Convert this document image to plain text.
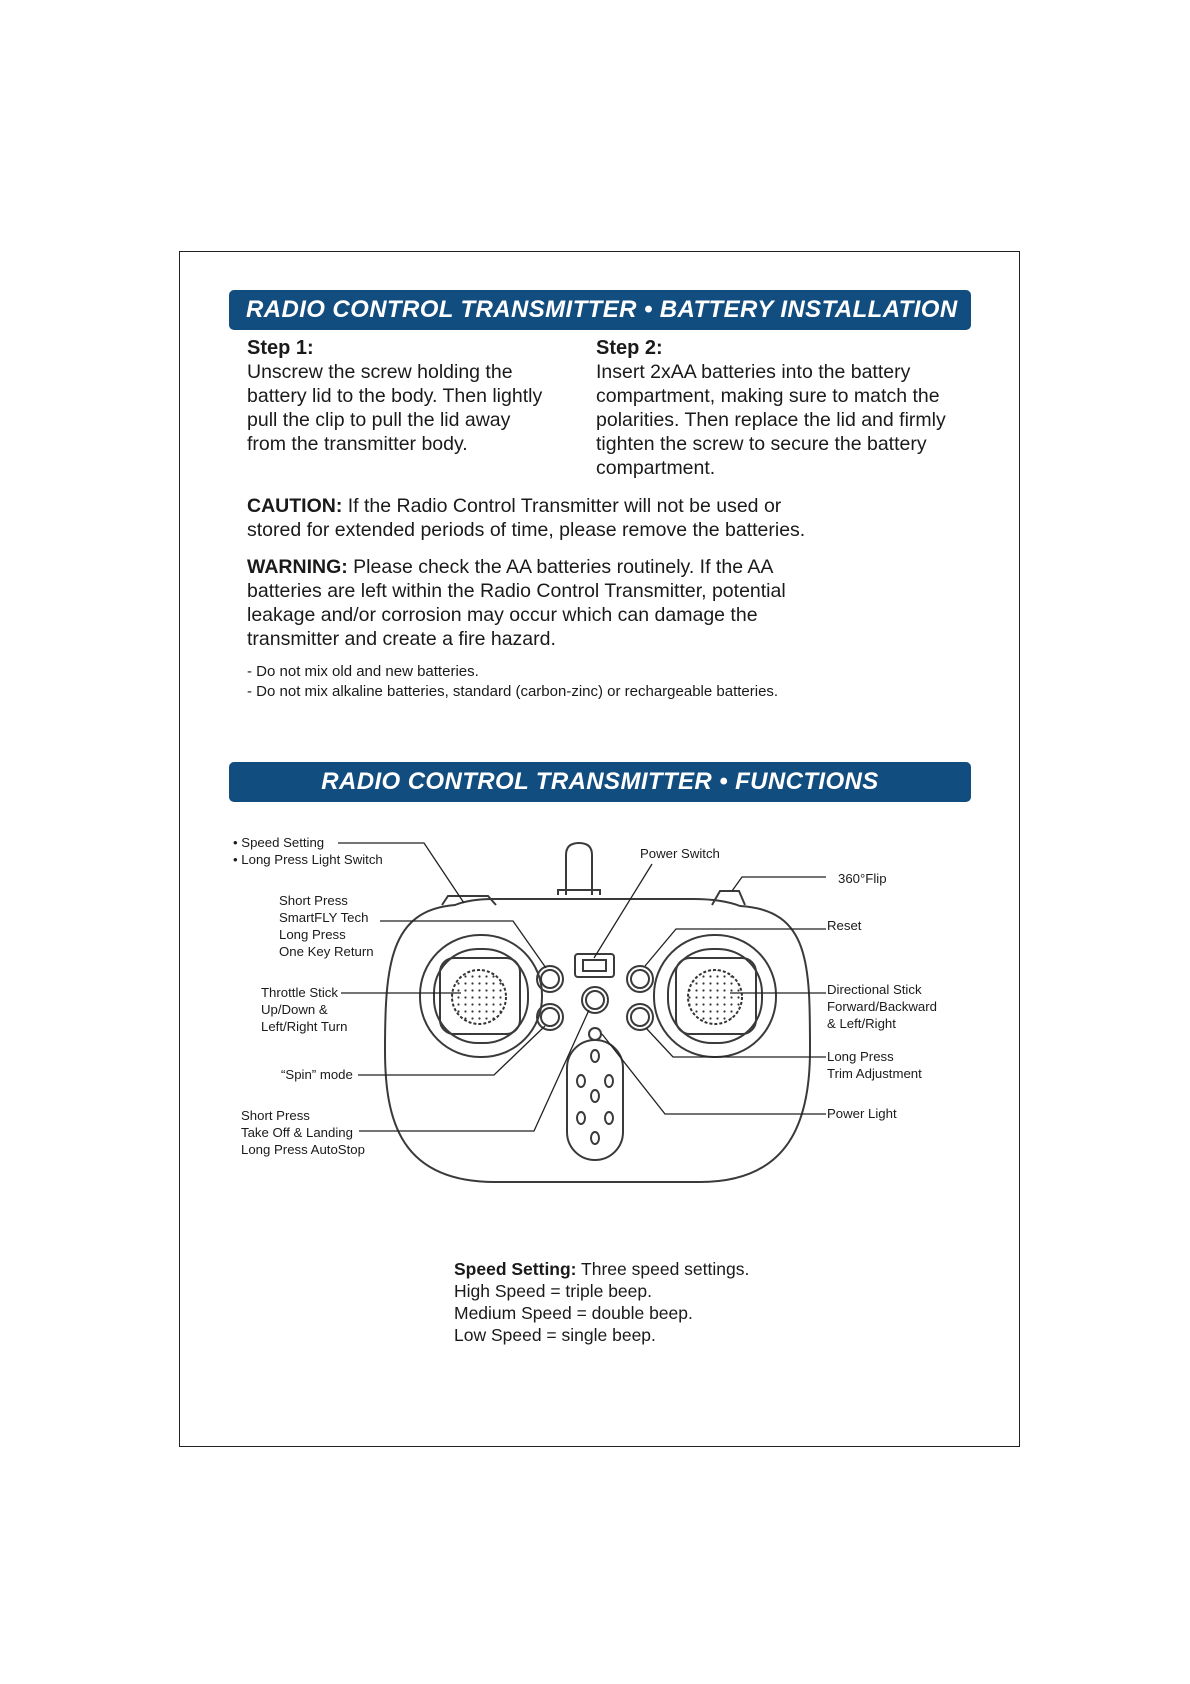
RADIO CONTROL TRANSMITTER • BATTERY INSTALLATION
Step 1:
Unscrew the screw holding the
battery lid to the body. Then lightly
pull the clip to pull the lid away
from the transmitter body.
Step 2:
Insert 2xAA batteries into the battery
compartment, making sure to match the
polarities. Then replace the lid and firmly
tighten the screw to secure the battery
compartment.
CAUTION: If the Radio Control Transmitter will not be used or
stored for extended periods of time, please remove the batteries.
WARNING: Please check the AA batteries routinely. If the AA
batteries are left within the Radio Control Transmitter, potential
leakage and/or corrosion may occur which can damage the
transmitter and create a fire hazard.
- Do not mix old and new batteries.
- Do not mix alkaline batteries, standard (carbon-zinc) or rechargeable batteries.
RADIO CONTROL TRANSMITTER • FUNCTIONS
• Speed Setting
• Long Press Light Switch	Power Switch
360°Flip
Short Press
SmartFLY Tech
Long Press
One Key Return
Reset
Throttle Stick
Up/Down &
Left/Right Turn
Directional Stick
Forward/Backward
& Left/Right
Long Press
Trim Adjustment
“Spin” mode
Power Light
Short Press
Take Off & Landing
Long Press AutoStop
Speed Setting: Three speed settings.
High Speed = triple beep.
Medium Speed = double beep.
Low Speed = single beep.
